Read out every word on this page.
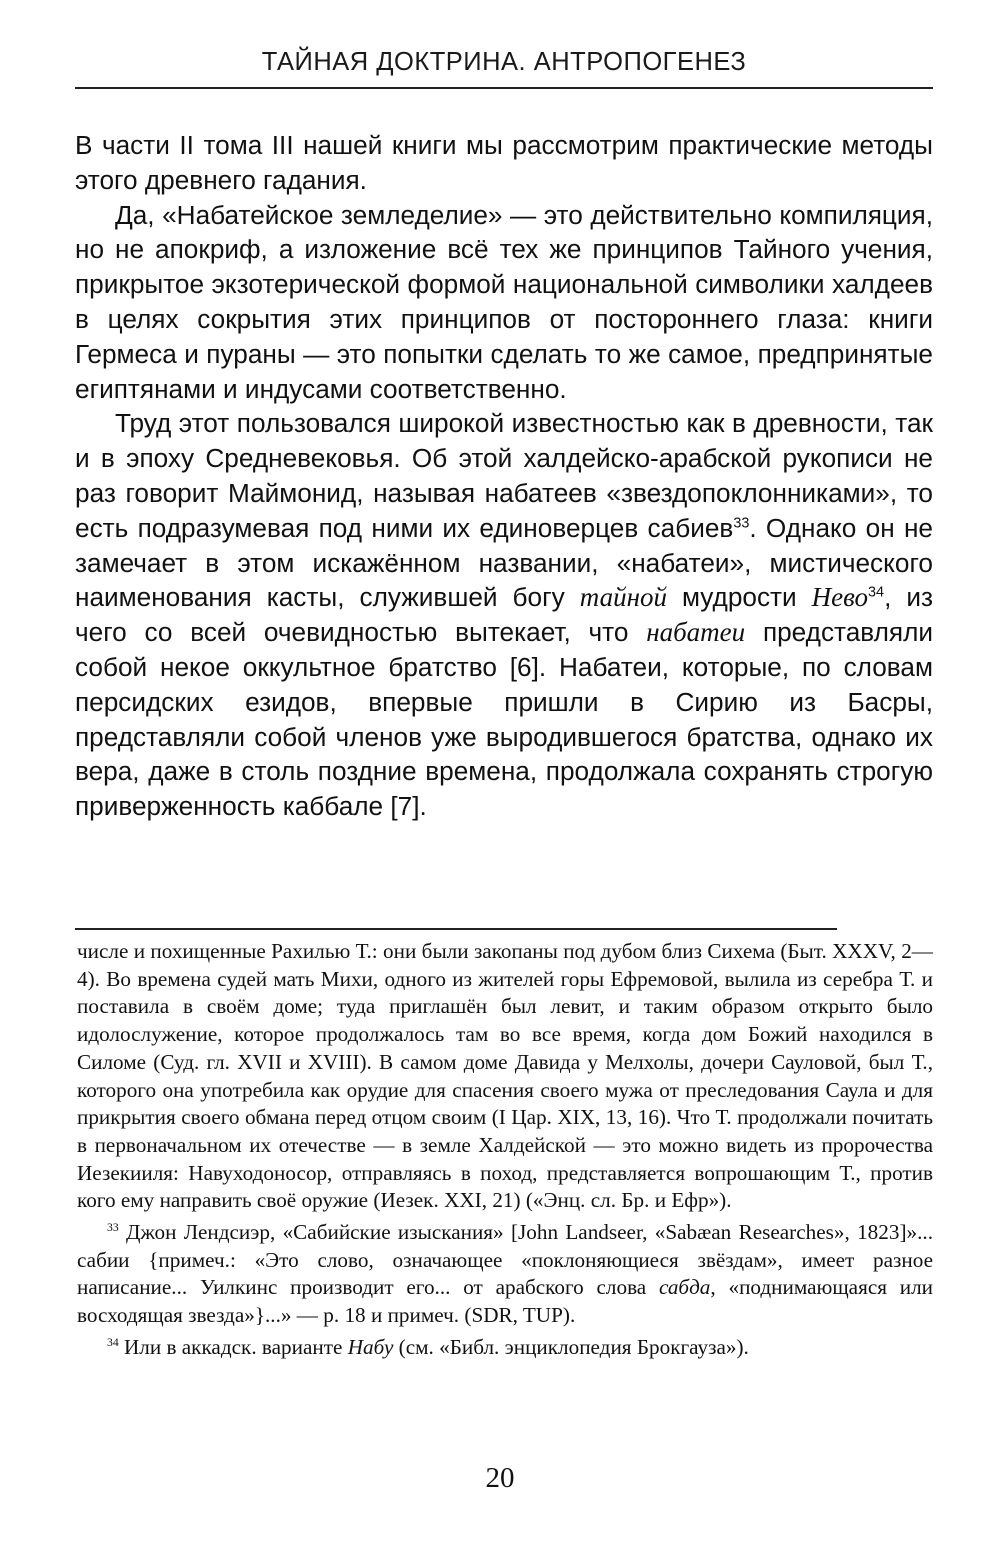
ТАЙНАЯ ДОКТРИНА. АНТРОПОГЕНЕЗ

В части II тома III нашей книги мы рассмотрим практические методы этого древнего гадания.

Да, «Набатейское земледелие» — это действительно компиляция, но не апокриф, а изложение всё тех же принципов Тайного учения, прикрытое экзотерической формой национальной символики халдеев в целях сокрытия этих принципов от постороннего глаза: книги Гермеса и пураны — это попытки сделать то же самое, предпринятые египтянами и индусами соответственно.

Труд этот пользовался широкой известностью как в древности, так и в эпоху Средневековья. Об этой халдейско-арабской рукописи не раз говорит Маймонид, называя набатеев «звездопоклонниками», то есть подразумевая под ними их единоверцев сабиев$^{33}$. Однако он не замечает в этом искажённом названии, «набатеи», мистического наименования касты, служившей богу тайной мудрости Нево$^{34}$, из чего со всей очевидностью вытекает, что набатеи представляли собой некое оккультное братство [6]. Набатеи, которые, по словам персидских езидов, впервые пришли в Сирию из Басры, представляли собой членов уже выродившегося братства, однако их вера, даже в столь поздние времена, продолжала сохранять строгую приверженность каббале [7].

числе и похищенные Рахилью Т.: они были закопаны под дубом близ Сихема (Быт. XXXV, 2—4). Во времена судей мать Михи, одного из жителей горы Ефремовой, вылила из серебра Т. и поставила в своём доме; туда приглашён был левит, и таким образом открыто было идолослужение, которое продолжалось там во все время, когда дом Божий находился в Силоме (Суд. гл. XVII и XVIII). В самом доме Давида у Мелхолы, дочери Сауловой, был Т., которого она употребила как орудие для спасения своего мужа от преследования Саула и для прикрытия своего обмана перед отцом своим (I Цар. XIX, 13, 16). Что Т. продолжали почитать в первоначальном их отечестве — в земле Халдейской — это можно видеть из пророчества Иезекииля: Навуходоносор, отправляясь в поход, представляется вопрошающим Т., против кого ему направить своё оружие (Иезек. XXI, 21) («Энц. сл. Бр. и Ефр»).

$^{33}$ Джон Лендсиэр, «Сабийские изыскания» [John Landseer, «Sabæan Researches», 1823]»... сабии {примеч.: «Это слово, означающее «поклоняющиеся звёздам», имеет разное написание... Уилкинс производит его... от арабского слова сабда, «поднимающаяся или восходящая звезда»}...» — р. 18 и примеч. (SDR, TUP).

$^{34}$ Или в аккадск. варианте Набу (см. «Библ. энциклопедия Брокгауза»).

20
